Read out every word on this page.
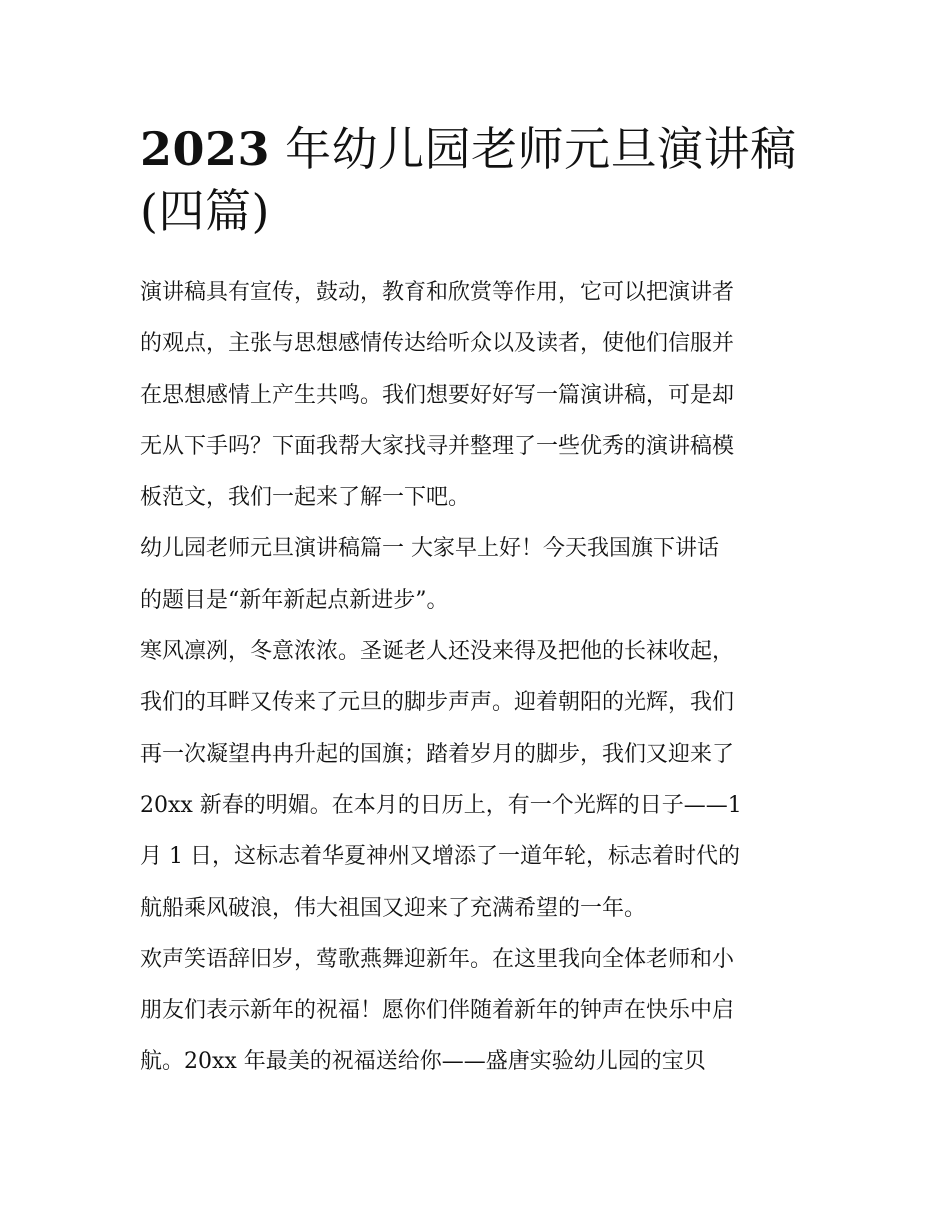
2023 年幼儿园老师元旦演讲稿
(四篇)
演讲稿具有宣传，鼓动，教育和欣赏等作用，它可以把演讲者
的观点，主张与思想感情传达给听众以及读者，使他们信服并
在思想感情上产生共鸣。我们想要好好写一篇演讲稿，可是却
无从下手吗？下面我帮大家找寻并整理了一些优秀的演讲稿模
板范文，我们一起来了解一下吧。
幼儿园老师元旦演讲稿篇一 大家早上好！今天我国旗下讲话
的题目是“新年新起点新进步”。
寒风凛冽，冬意浓浓。圣诞老人还没来得及把他的长袜收起，
我们的耳畔又传来了元旦的脚步声声。迎着朝阳的光辉，我们
再一次凝望冉冉升起的国旗；踏着岁月的脚步，我们又迎来了
20xx 新春的明媚。在本月的日历上，有一个光辉的日子——1
月 1 日，这标志着华夏神州又增添了一道年轮，标志着时代的
航船乘风破浪，伟大祖国又迎来了充满希望的一年。
欢声笑语辞旧岁，莺歌燕舞迎新年。在这里我向全体老师和小
朋友们表示新年的祝福！愿你们伴随着新年的钟声在快乐中启
航。20xx 年最美的祝福送给你——盛唐实验幼儿园的宝贝
